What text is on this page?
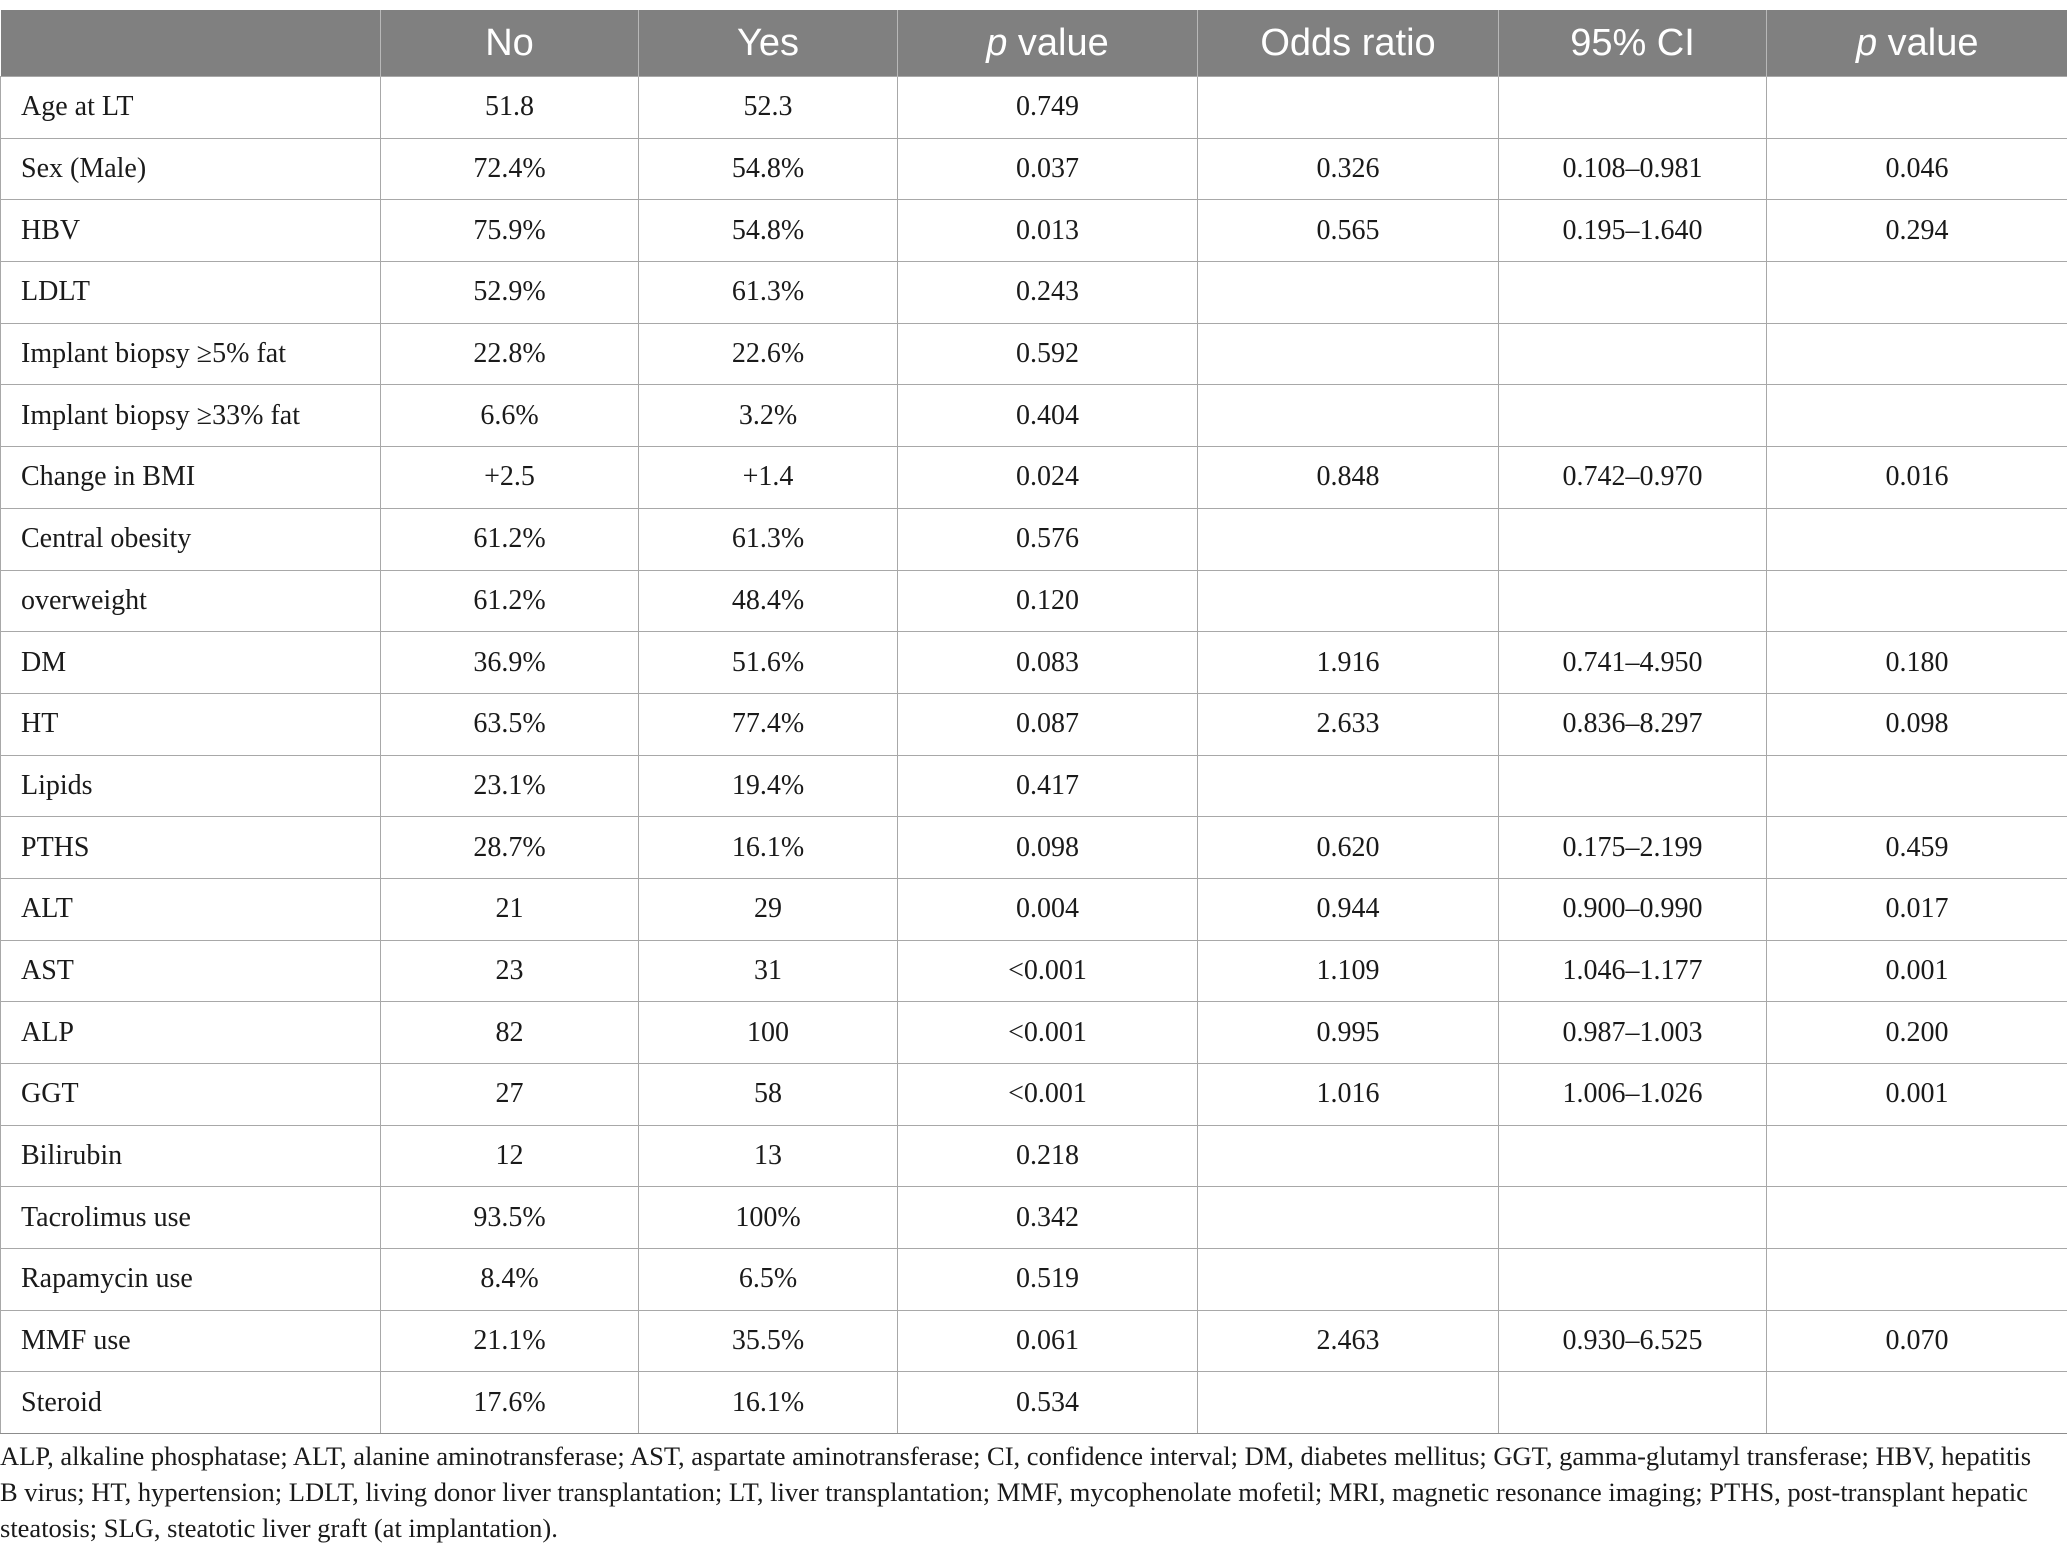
	No	Yes	p value	Odds ratio	95% CI	p value
Age at LT	51.8	52.3	0.749			
Sex (Male)	72.4%	54.8%	0.037	0.326	0.108–0.981	0.046
HBV	75.9%	54.8%	0.013	0.565	0.195–1.640	0.294
LDLT	52.9%	61.3%	0.243			
Implant biopsy ≥5% fat	22.8%	22.6%	0.592			
Implant biopsy ≥33% fat	6.6%	3.2%	0.404			
Change in BMI	+2.5	+1.4	0.024	0.848	0.742–0.970	0.016
Central obesity	61.2%	61.3%	0.576			
overweight	61.2%	48.4%	0.120			
DM	36.9%	51.6%	0.083	1.916	0.741–4.950	0.180
HT	63.5%	77.4%	0.087	2.633	0.836–8.297	0.098
Lipids	23.1%	19.4%	0.417			
PTHS	28.7%	16.1%	0.098	0.620	0.175–2.199	0.459
ALT	21	29	0.004	0.944	0.900–0.990	0.017
AST	23	31	<0.001	1.109	1.046–1.177	0.001
ALP	82	100	<0.001	0.995	0.987–1.003	0.200
GGT	27	58	<0.001	1.016	1.006–1.026	0.001
Bilirubin	12	13	0.218			
Tacrolimus use	93.5%	100%	0.342			
Rapamycin use	8.4%	6.5%	0.519			
MMF use	21.1%	35.5%	0.061	2.463	0.930–6.525	0.070
Steroid	17.6%	16.1%	0.534			
ALP, alkaline phosphatase; ALT, alanine aminotransferase; AST, aspartate aminotransferase; CI, confidence interval; DM, diabetes mellitus; GGT, gamma-glutamyl transferase; HBV, hepatitis B virus; HT, hypertension; LDLT, living donor liver transplantation; LT, liver transplantation; MMF, mycophenolate mofetil; MRI, magnetic resonance imaging; PTHS, post-transplant hepatic steatosis; SLG, steatotic liver graft (at implantation).
